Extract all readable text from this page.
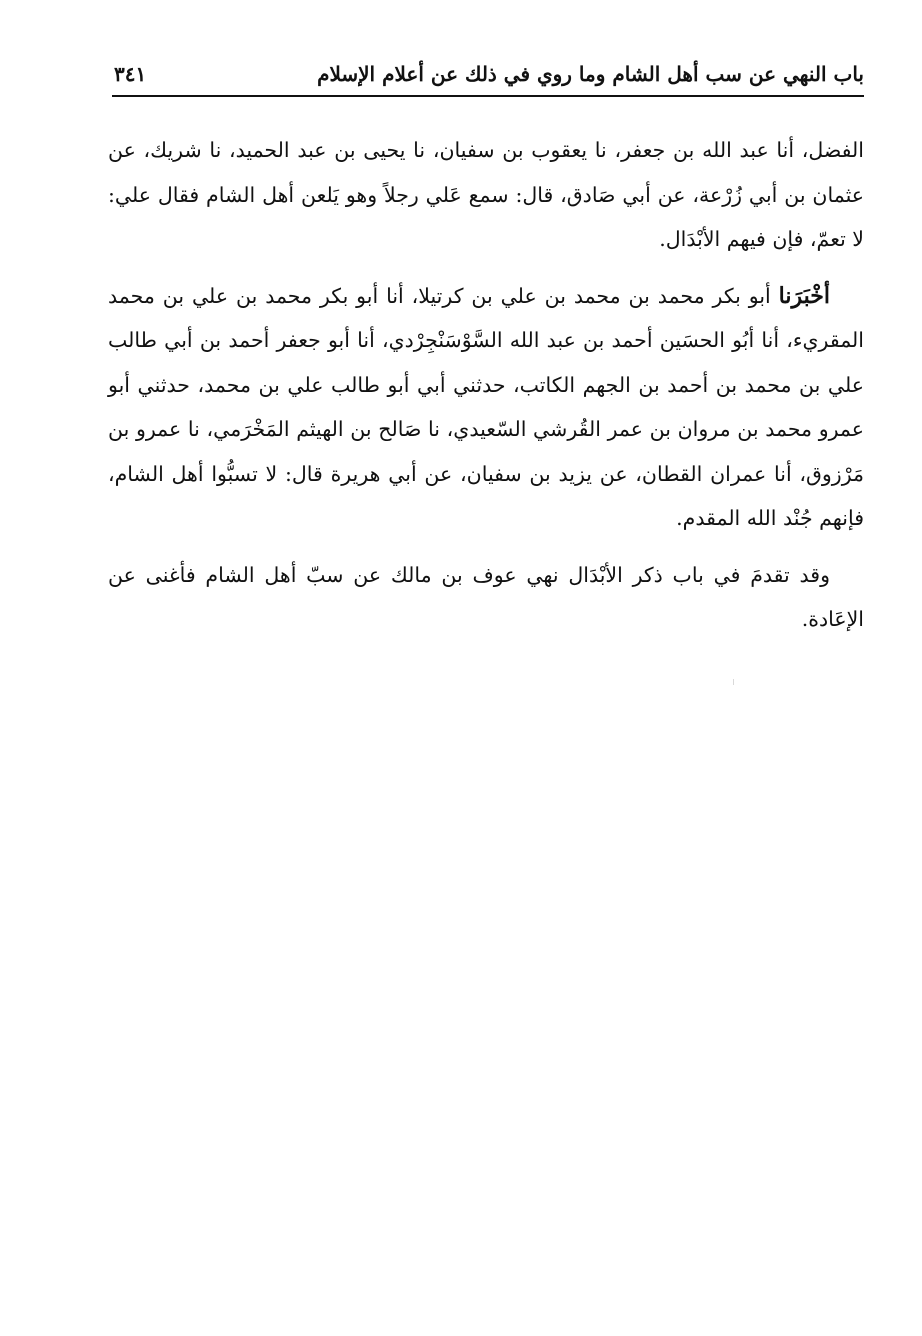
باب النهي عن سب أهل الشام وما روي في ذلك عن أعلام الإسلام
٣٤١

الفضل، أنا عبد الله بن جعفر، نا يعقوب بن سفيان، نا يحيى بن عبد الحميد، نا شريك، عن عثمان بن أبي زُرْعة، عن أبي صَادق، قال: سمع عَلي رجلاً وهو يَلعن أهل الشام فقال علي: لا تعمّ، فإن فيهم الأبْدَال.

أخْبَرَنا أبو بكر محمد بن محمد بن علي بن كرتيلا، أنا أبو بكر محمد بن علي بن محمد المقريء، أنا أبُو الحسَين أحمد بن عبد الله السَّوْسَنْجِرْدي، أنا أبو جعفر أحمد بن أبي طالب علي بن محمد بن أحمد بن الجهم الكاتب، حدثني أبي أبو طالب علي بن محمد، حدثني أبو عمرو محمد بن مروان بن عمر القُرشي السّعيدي، نا صَالح بن الهيثم المَخْرَمي، نا عمرو بن مَرْزوق، أنا عمران القطان، عن يزيد بن سفيان، عن أبي هريرة قال: لا تسبُّوا أهل الشام، فإنهم جُنْد الله المقدم.

وقد تقدمَ في باب ذكر الأبْدَال نهي عوف بن مالك عن سبّ أهل الشام فأغنى عن الإعَادة.
